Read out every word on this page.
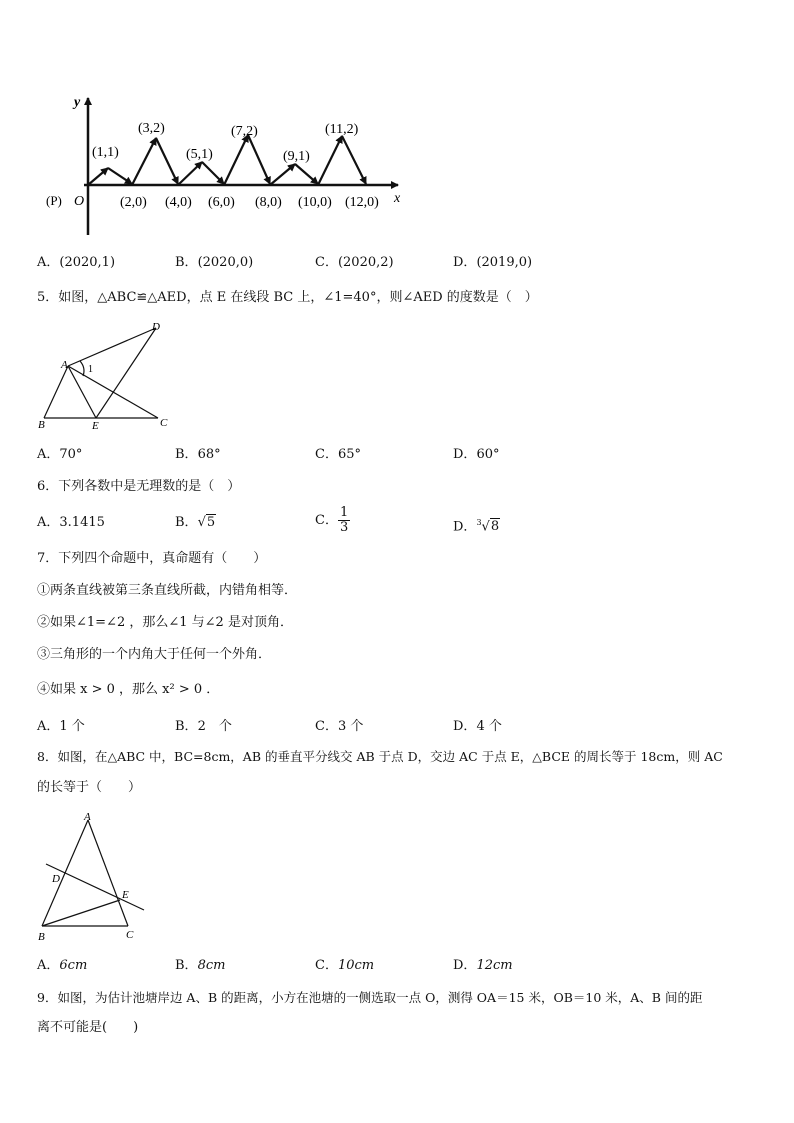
y
x
O
(P)
(1,1)
(3,2)
(5,1)
(7,2)
(9,1)
(11,2)
(2,0) (4,0) (6,0) (8,0) (10,0) (12,0)
A．(2020,1)	B．(2020,0)	C．(2020,2)	D．(2019,0)
5．如图，△ABC≌△AED，点 E 在线段 BC 上，∠1=40°，则∠AED 的度数是（　）
A 1
B	E	C
D
A．70°	B．68°	C．65°	D．60°
6．下列各数中是无理数的是（　）
A．3.1415	B．√5	C． $\frac{1}{3}$	D．$^3$√8
7．下列四个命题中，真命题有（　　）
①两条直线被第三条直线所截，内错角相等．
②如果∠1=∠2 ，那么∠1 与∠2 是对顶角．
③三角形的一个内角大于任何一个外角．
④如果 x > 0 ，那么 x² > 0 ．
A．1 个	B．2　个	C．3 个	D．4 个
8．如图，在△ABC 中，BC=8cm，AB 的垂直平分线交 AB 于点 D，交边 AC 于点 E，△BCE 的周长等于 18cm，则 AC
的长等于（　　）
A
D
E
B	C
A．6cm	B．8cm	C．10cm	D．12cm
9．如图，为估计池塘岸边 A、B 的距离，小方在池塘的一侧选取一点 O，测得 OA＝15 米，OB＝10 米，A、B 间的距
离不可能是(　　)
